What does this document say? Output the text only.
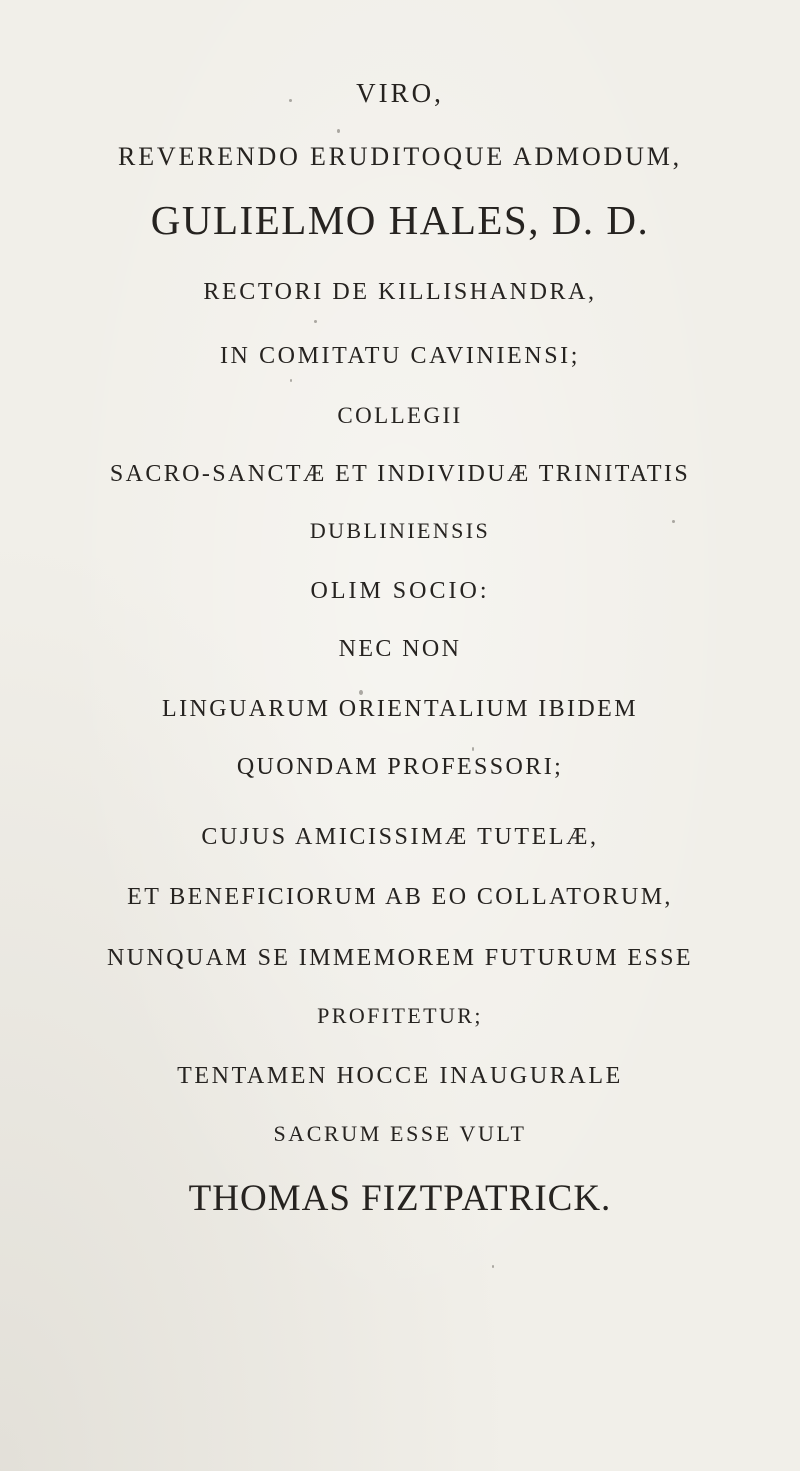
VIRO,
REVERENDO ERUDITOQUE ADMODUM,
GULIELMO HALES, D. D.
RECTORI DE KILLISHANDRA,
IN COMITATU CAVINIENSI;
COLLEGII
SACRO-SANCTÆ ET INDIVIDUÆ TRINITATIS
DUBLINIENSIS
OLIM SOCIO:
NEC NON
LINGUARUM ORIENTALIUM IBIDEM
QUONDAM PROFESSORI;
CUJUS AMICISSIMÆ TUTELÆ,
ET BENEFICIORUM AB EO COLLATORUM,
NUNQUAM SE IMMEMOREM FUTURUM ESSE
PROFITETUR;
TENTAMEN HOCCE INAUGURALE
SACRUM ESSE VULT
THOMAS FIZTPATRICK.
